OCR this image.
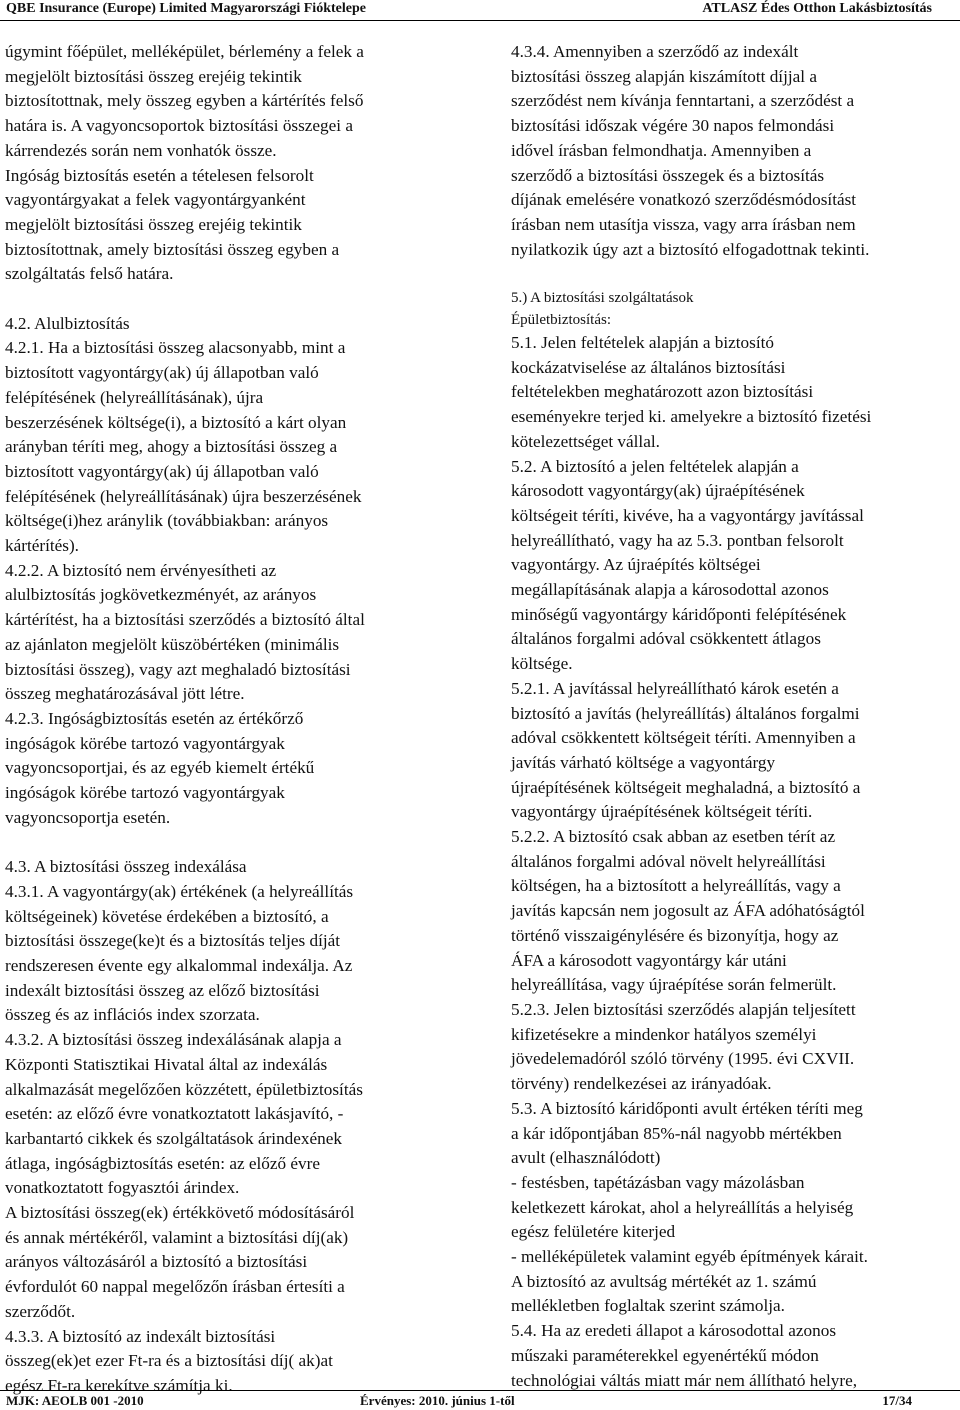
QBE Insurance (Europe) Limited Magyarországi Fióktelepe	ATLASZ Édes Otthon Lakásbiztosítás

úgymint főépület, melléképület, bérlemény a felek a

megjelölt biztosítási összeg erejéig tekintik

biztosítottnak, mely összeg egyben a kártérítés felső

határa is. A vagyoncsoportok biztosítási összegei a

kárrendezés során nem vonhatók össze.

Ingóság biztosítás esetén a tételesen felsorolt

vagyontárgyakat a felek vagyontárgyanként

megjelölt biztosítási összeg erejéig tekintik

biztosítottnak, amely biztosítási összeg egyben a

szolgáltatás felső határa.

4.2. Alulbiztosítás

4.2.1. Ha a biztosítási összeg alacsonyabb, mint a

biztosított vagyontárgy(ak) új állapotban való

felépítésének (helyreállításának), újra

beszerzésének költsége(i), a biztosító a kárt olyan

arányban téríti meg, ahogy a biztosítási összeg a

biztosított vagyontárgy(ak) új állapotban való

felépítésének (helyreállításának) újra beszerzésének

költsége(i)hez aránylik (továbbiakban: arányos

kártérítés).

4.2.2. A biztosító nem érvényesítheti az

alulbiztosítás jogkövetkezményét, az arányos

kártérítést, ha a biztosítási szerződés a biztosító által

az ajánlaton megjelölt küszöbértéken (minimális

biztosítási összeg), vagy azt meghaladó biztosítási

összeg meghatározásával jött létre.

4.2.3. Ingóságbiztosítás esetén az értékőrző

ingóságok körébe tartozó vagyontárgyak

vagyoncsoportjai, és az egyéb kiemelt értékű

ingóságok körébe tartozó vagyontárgyak

vagyoncsoportja esetén.

4.3. A biztosítási összeg indexálása

4.3.1. A vagyontárgy(ak) értékének (a helyreállítás

költségeinek) követése érdekében a biztosító, a

biztosítási összege(ke)t és a biztosítás teljes díját

rendszeresen évente egy alkalommal indexálja. Az

indexált biztosítási összeg az előző biztosítási

összeg és az inflációs index szorzata.

4.3.2. A biztosítási összeg indexálásának alapja a

Központi Statisztikai Hivatal által az indexálás

alkalmazását megelőzően közzétett, épületbiztosítás

esetén: az előző évre vonatkoztatott lakásjavító, -

karbantartó cikkek és szolgáltatások árindexének

átlaga, ingóságbiztosítás esetén: az előző évre

vonatkoztatott fogyasztói árindex.

A biztosítási összeg(ek) értékkövető módosításáról

és annak mértékéről, valamint a biztosítási díj(ak)

arányos változásáról a biztosító a biztosítási

évfordulót 60 nappal megelőzőn írásban értesíti a

szerződőt.

4.3.3. A biztosító az indexált biztosítási

összeg(ek)et ezer Ft-ra és a biztosítási díj( ak)at

egész Ft-ra kerekítve számítja ki.

4.3.4. Amennyiben a szerződő az indexált

biztosítási összeg alapján kiszámított díjjal a

szerződést nem kívánja fenntartani, a szerződést a

biztosítási időszak végére 30 napos felmondási

idővel írásban felmondhatja. Amennyiben a

szerződő a biztosítási összegek és a biztosítás

díjának emelésére vonatkozó szerződésmódosítást

írásban nem utasítja vissza, vagy arra írásban nem

nyilatkozik úgy azt a biztosító elfogadottnak tekinti.

5.) A biztosítási szolgáltatások

Épületbiztosítás:

5.1. Jelen feltételek alapján a biztosító

kockázatviselése az általános biztosítási

feltételekben meghatározott azon biztosítási

eseményekre terjed ki. amelyekre a biztosító fizetési

kötelezettséget vállal.

5.2. A biztosító a jelen feltételek alapján a

károsodott vagyontárgy(ak) újraépítésének

költségeit téríti, kivéve, ha a vagyontárgy javítással

helyreállítható, vagy ha az 5.3. pontban felsorolt

vagyontárgy. Az újraépítés költségei

megállapításának alapja a károsodottal azonos

minőségű vagyontárgy káridőponti felépítésének

általános forgalmi adóval csökkentett átlagos

költsége.

5.2.1. A javítással helyreállítható károk esetén a

biztosító a javítás (helyreállítás) általános forgalmi

adóval csökkentett költségeit téríti. Amennyiben a

javítás várható költsége a vagyontárgy

újraépítésének költségeit meghaladná, a biztosító a

vagyontárgy újraépítésének költségeit téríti.

5.2.2. A biztosító csak abban az esetben térít az

általános forgalmi adóval növelt helyreállítási

költségen, ha a biztosított a helyreállítás, vagy a

javítás kapcsán nem jogosult az ÁFA adóhatóságtól

történő visszaigénylésére és bizonyítja, hogy az

ÁFA a károsodott vagyontárgy kár utáni

helyreállítása, vagy újraépítése során felmerült.

5.2.3. Jelen biztosítási szerződés alapján teljesített

kifizetésekre a mindenkor hatályos személyi

jövedelemadóról szóló törvény (1995. évi CXVII.

törvény) rendelkezései az irányadóak.

5.3. A biztosító káridőponti avult értéken téríti meg

a kár időpontjában 85%-nál nagyobb mértékben

avult (elhasználódott)

- festésben, tapétázásban vagy mázolásban

keletkezett károkat, ahol a helyreállítás a helyiség

egész felületére kiterjed

- melléképületek valamint egyéb építmények kárait.

A biztosító az avultság mértékét az 1. számú

mellékletben foglaltak szerint számolja.

5.4. Ha az eredeti állapot a károsodottal azonos

műszaki paraméterekkel egyenértékű módon

technológiai váltás miatt már nem állítható helyre,

MJK: AEOLB 001 -2010	Érvényes: 2010. június 1-től	17/34
